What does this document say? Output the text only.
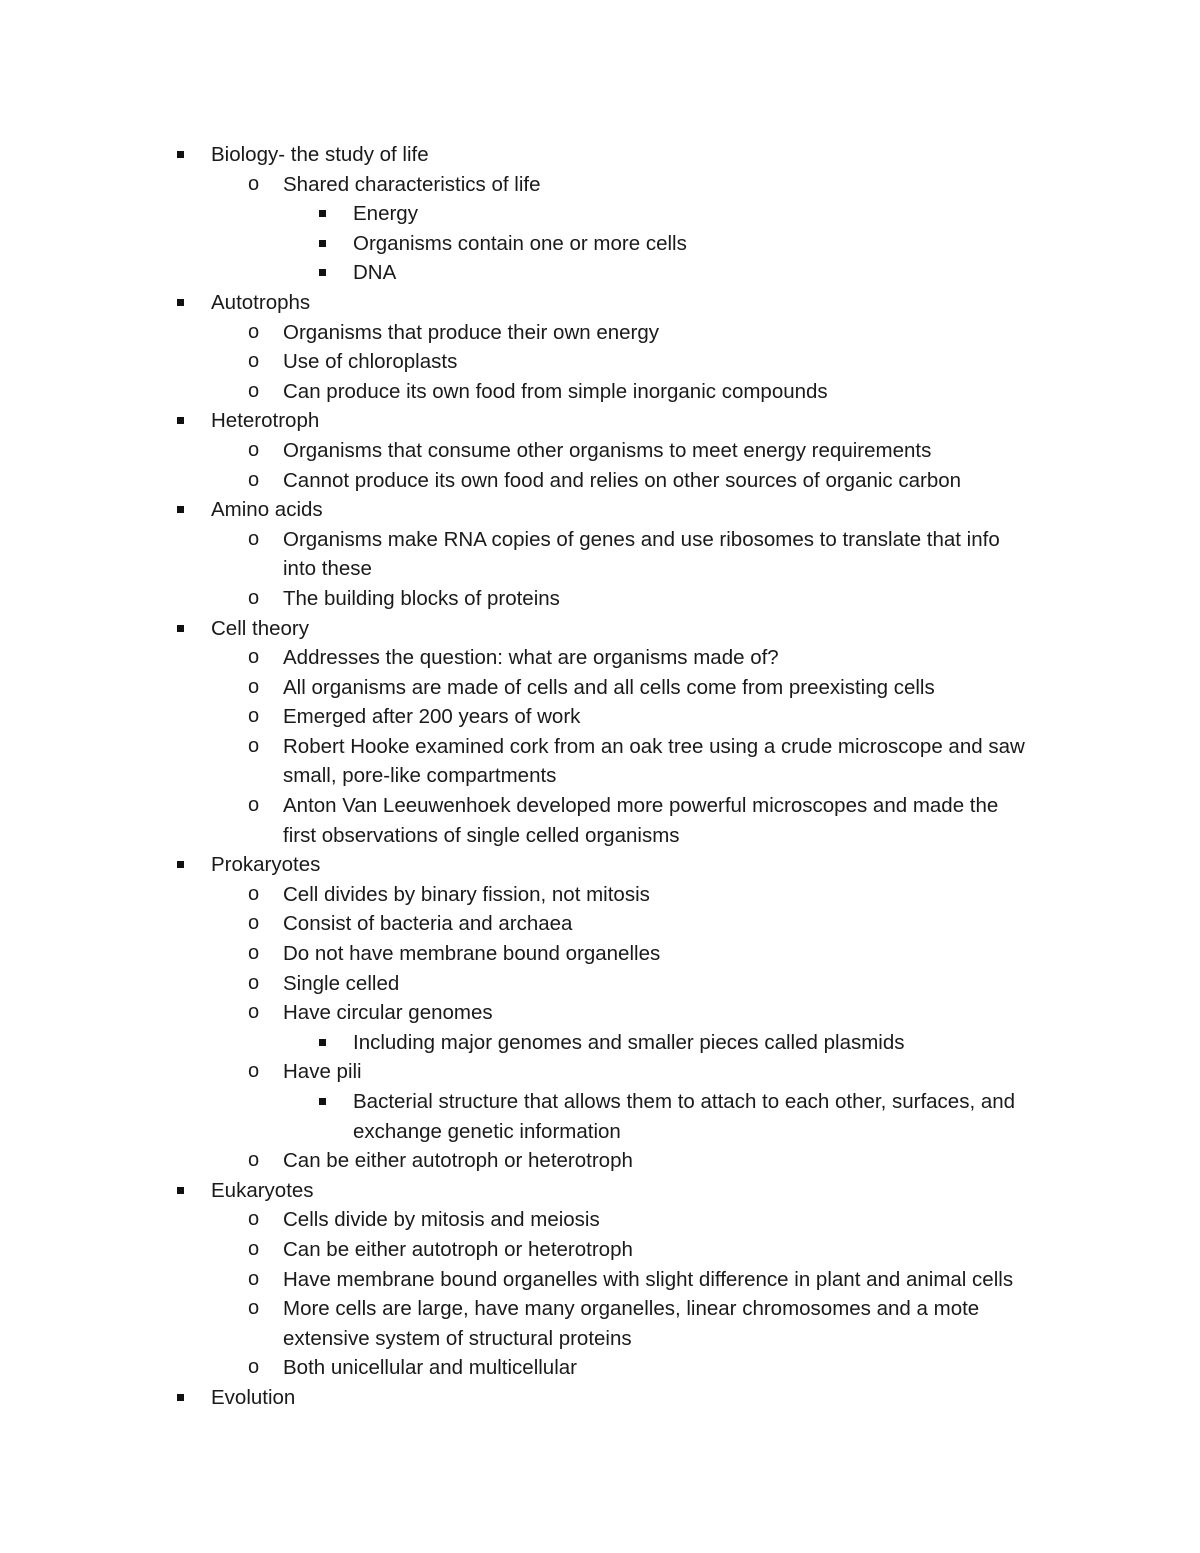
Biology- the study of life
o Shared characteristics of life
Energy
Organisms contain one or more cells
DNA
Autotrophs
o Organisms that produce their own energy
o Use of chloroplasts
o Can produce its own food from simple inorganic compounds
Heterotroph
o Organisms that consume other organisms to meet energy requirements
o Cannot produce its own food and relies on other sources of organic carbon
Amino acids
o Organisms make RNA copies of genes and use ribosomes to translate that info
into these
o The building blocks of proteins
Cell theory
o Addresses the question: what are organisms made of?
o All organisms are made of cells and all cells come from preexisting cells
o Emerged after 200 years of work
o Robert Hooke examined cork from an oak tree using a crude microscope and saw
small, pore-like compartments
o Anton Van Leeuwenhoek developed more powerful microscopes and made the
first observations of single celled organisms
Prokaryotes
o Cell divides by binary fission, not mitosis
o Consist of bacteria and archaea
o Do not have membrane bound organelles
o Single celled
o Have circular genomes
Including major genomes and smaller pieces called plasmids
o Have pili
Bacterial structure that allows them to attach to each other, surfaces, and
exchange genetic information
o Can be either autotroph or heterotroph
Eukaryotes
o Cells divide by mitosis and meiosis
o Can be either autotroph or heterotroph
o Have membrane bound organelles with slight difference in plant and animal cells
o More cells are large, have many organelles, linear chromosomes and a mote
extensive system of structural proteins
o Both unicellular and multicellular
Evolution
